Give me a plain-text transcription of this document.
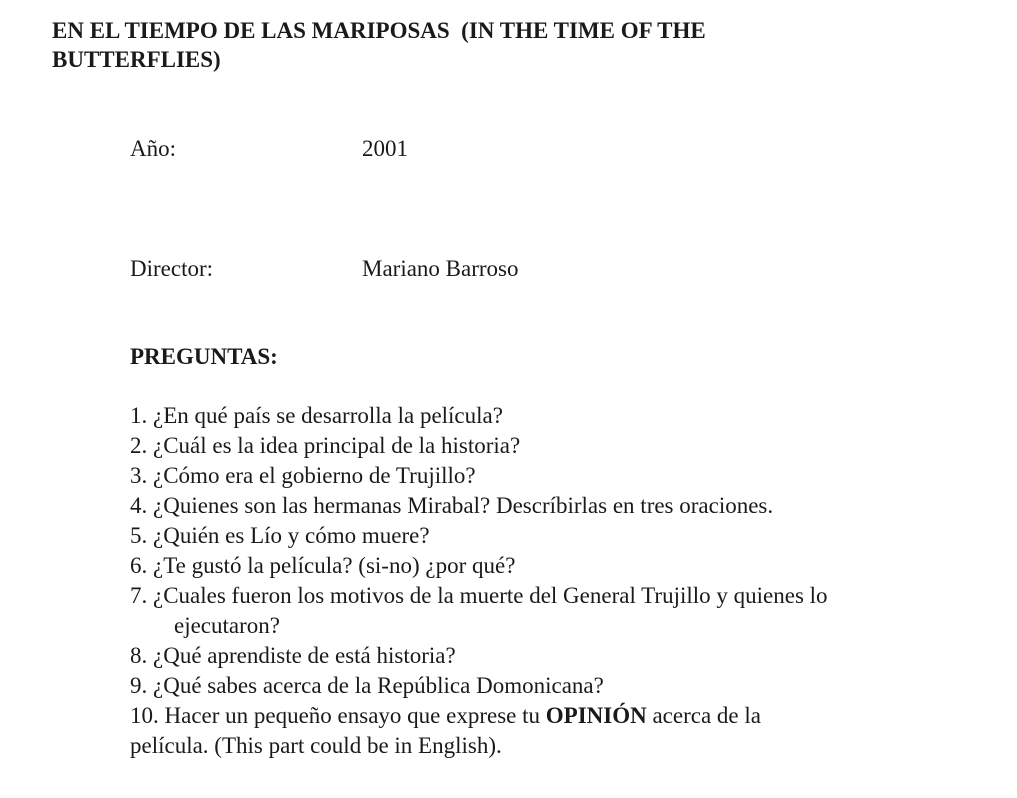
EN EL TIEMPO DE LAS MARIPOSAS  (IN THE TIME OF THE BUTTERFLIES)
Año:	2001
Director:	Mariano Barroso
PREGUNTAS:
1. ¿En qué país se desarrolla la película?
2. ¿Cuál es la idea principal de la historia?
3. ¿Cómo era el gobierno de Trujillo?
4. ¿Quienes son las hermanas Mirabal? Descríbirlas en tres oraciones.
5. ¿Quién es Lío y cómo muere?
6. ¿Te gustó la película? (si-no) ¿por qué?
7. ¿Cuales fueron los motivos de la muerte del General Trujillo y quienes lo
ejecutaron?
8. ¿Qué aprendiste de está historia?
9. ¿Qué sabes acerca de la República Domonicana?
10. Hacer un pequeño ensayo que exprese tu OPINIÓN acerca de la
película. (This part could be in English).
